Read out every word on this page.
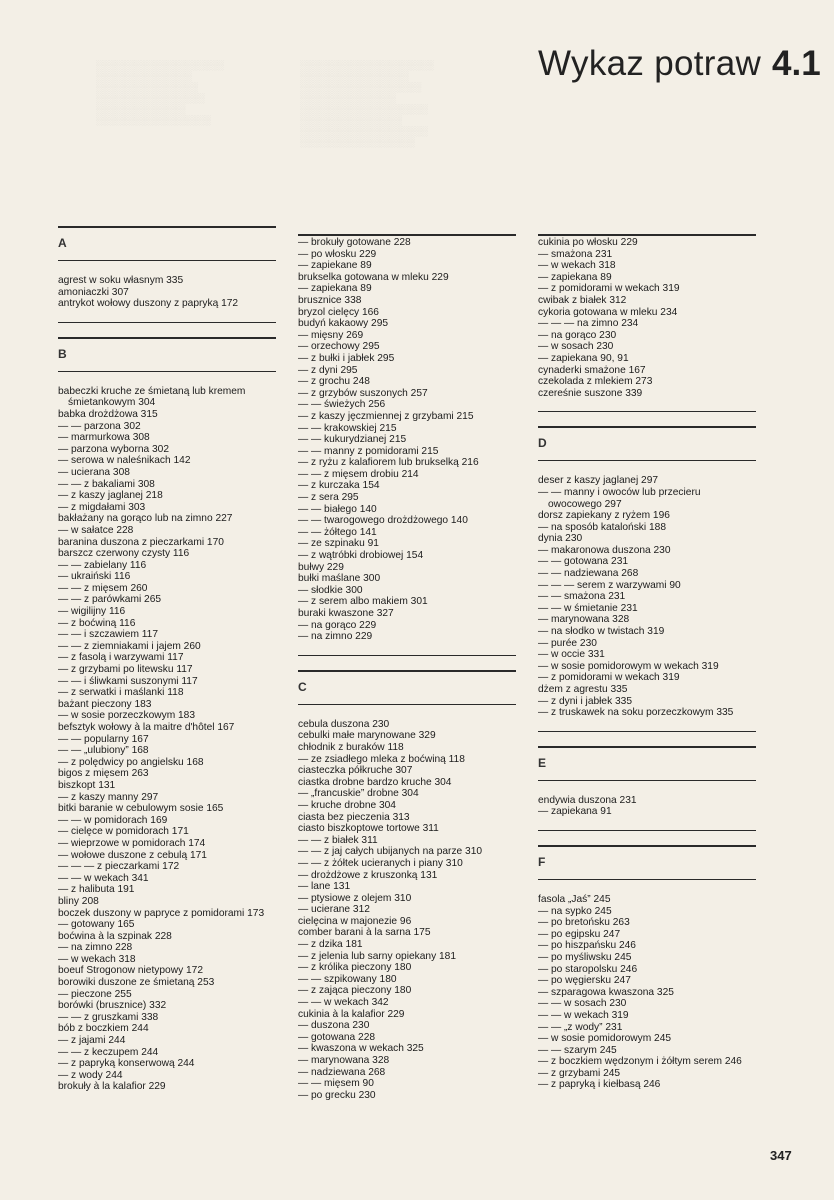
░░░░░░░░░░░░░░░░░░░░░
░░░░░░░░░░░░░░░░░
░░░░░░░░░░░░░░░░░░░
░░░░░░░░░░░░░░░
░░░░░░░░░░░░░░░░░░░░
░░░░░░░░░░░░░░░░
░░░░░░░░░░░░░░░░░░░░
░░░░░░░░░░░░░░░░░░
░░░░░░░░░░░░░░░░░░░░
░░░░░░░░░░░░░░░
░░░░░░░░░░░░░░░░
░░░░░░░░░░░░░░░░░
░░░░░░░░░░░░░░
░░░░░░░░░░░░░░░░░░
Wykaz potraw 4.1
A
agrest w soku własnym 335
amoniaczki 307
antrykot wołowy duszony z papryką 172
B
babeczki kruche ze śmietaną lub kremem śmietankowym 304
babka drożdżowa 315
— — parzona 302
— marmurkowa 308
— parzona wyborna 302
— serowa w naleśnikach 142
— ucierana 308
— — z bakaliami 308
— z kaszy jaglanej 218
— z migdałami 303
bakłażany na gorąco lub na zimno 227
— w sałatce 228
baranina duszona z pieczarkami 170
barszcz czerwony czysty 116
— — zabielany 116
— ukraiński 116
— — z mięsem 260
— — z parówkami 265
— wigilijny 116
— z boćwiną 116
— — i szczawiem 117
— — z ziemniakami i jajem 260
— z fasolą i warzywami 117
— z grzybami po litewsku 117
— — i śliwkami suszonymi 117
— z serwatki i maślanki 118
bażant pieczony 183
— w sosie porzeczkowym 183
befsztyk wołowy à la maitre d'hôtel 167
— — popularny 167
— — „ulubiony” 168
— z polędwicy po angielsku 168
bigos z mięsem 263
biszkopt 131
— z kaszy manny 297
bitki baranie w cebulowym sosie 165
— — w pomidorach 169
— cielęce w pomidorach 171
— wieprzowe w pomidorach 174
— wołowe duszone z cebulą 171
— — — z pieczarkami 172
— — w wekach 341
— z halibuta 191
bliny 208
boczek duszony w papryce z pomidorami 173
— gotowany 165
boćwina à la szpinak 228
— na zimno 228
— w wekach 318
boeuf Strogonow nietypowy 172
borowiki duszone ze śmietaną 253
— pieczone 255
borówki (brusznice) 332
— — z gruszkami 338
bób z boczkiem 244
— z jajami 244
— — z keczupem 244
— z papryką konserwową 244
— z wody 244
brokuły à la kalafior 229
— brokuły gotowane 228
— po włosku 229
— zapiekane 89
brukselka gotowana w mleku 229
— zapiekana 89
brusznice 338
bryzol cielęcy 166
budyń kakaowy 295
— mięsny 269
— orzechowy 295
— z bułki i jabłek 295
— z dyni 295
— z grochu 248
— z grzybów suszonych 257
— — świeżych 256
— z kaszy jęczmiennej z grzybami 215
— — krakowskiej 215
— — kukurydzianej 215
— — manny z pomidorami 215
— z ryżu z kalafiorem lub brukselką 216
— — z mięsem drobiu 214
— z kurczaka 154
— z sera 295
— — białego 140
— — twarogowego drożdżowego 140
— — żółtego 141
— ze szpinaku 91
— z wątróbki drobiowej 154
bułwy 229
bułki maślane 300
— słodkie 300
— z serem albo makiem 301
buraki kwaszone 327
— na gorąco 229
— na zimno 229
C
cebula duszona 230
cebulki małe marynowane 329
chłodnik z buraków 118
— ze zsiadłego mleka z boćwiną 118
ciasteczka półkruche 307
ciastka drobne bardzo kruche 304
— „francuskie” drobne 304
— kruche drobne 304
ciasta bez pieczenia 313
ciasto biszkoptowe tortowe 311
— — z białek 311
— — z jaj całych ubijanych na parze 310
— — z żółtek ucieranych i piany 310
— drożdżowe z kruszonką 131
— lane 131
— ptysiowe z olejem 310
— ucierane 312
cielęcina w majonezie 96
comber barani à la sarna 175
— z dzika 181
— z jelenia lub sarny opiekany 181
— z królika pieczony 180
— — szpikowany 180
— z zająca pieczony 180
— — w wekach 342
cukinia à la kalafior 229
— duszona 230
— gotowana 228
— kwaszona w wekach 325
— marynowana 328
— nadziewana 268
— — mięsem 90
— po grecku 230
cukinia po włosku 229
— smażona 231
— w wekach 318
— zapiekana 89
— z pomidorami w wekach 319
cwibak z białek 312
cykoria gotowana w mleku 234
— — — na zimno 234
— na gorąco 230
— w sosach 230
— zapiekana 90, 91
cynaderki smażone 167
czekolada z mlekiem 273
czereśnie suszone 339
D
deser z kaszy jaglanej 297
— — manny i owoców lub przecieru owocowego 297
dorsz zapiekany z ryżem 196
— na sposób kataloński 188
dynia 230
— makaronowa duszona 230
— — gotowana 231
— — nadziewana 268
— — — serem z warzywami 90
— — smażona 231
— — w śmietanie 231
— marynowana 328
— na słodko w twistach 319
— purée 230
— w occie 331
— w sosie pomidorowym w wekach 319
— z pomidorami w wekach 319
dżem z agrestu 335
— z dyni i jabłek 335
— z truskawek na soku porzeczkowym 335
E
endywia duszona 231
— zapiekana 91
F
fasola „Jaś” 245
— na sypko 245
— po bretońsku 263
— po egipsku 247
— po hiszpańsku 246
— po myśliwsku 245
— po staropolsku 246
— po węgiersku 247
— szparagowa kwaszona 325
— — w sosach 230
— — w wekach 319
— — „z wody” 231
— w sosie pomidorowym 245
— — szarym 245
— z boczkiem wędzonym i żółtym serem 246
— z grzybami 245
— z papryką i kiełbasą 246

347
